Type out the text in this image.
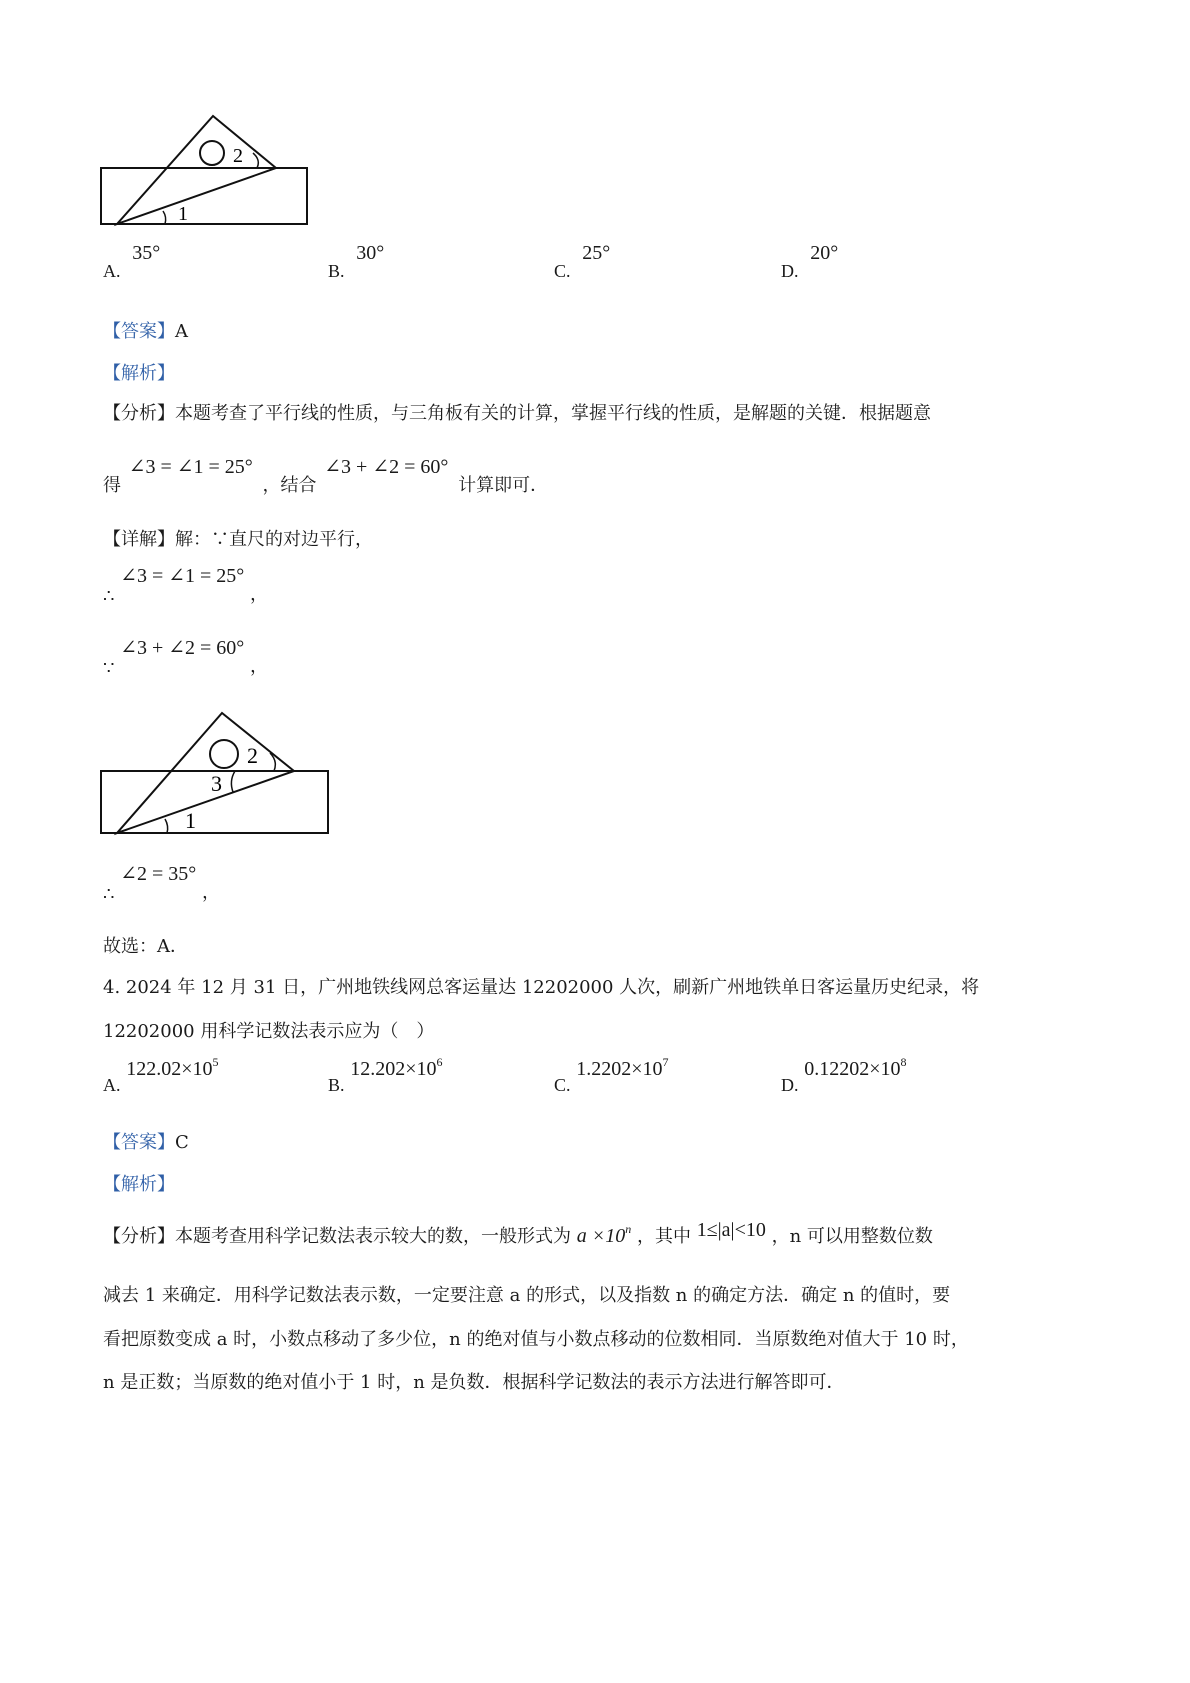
1
2
A. 35°
B. 30°
C. 25°
D. 20°
【答案】A
【解析】
【分析】本题考查了平行线的性质，与三角板有关的计算，掌握平行线的性质，是解题的关键．根据题意
得 ∠3 = ∠1 = 25° ，结合 ∠3 + ∠2 = 60° 计算即可．
【详解】解：∵直尺的对边平行，
∴ ∠3 = ∠1 = 25° ，
∵ ∠3 + ∠2 = 60° ，
1
2
3
∴ ∠2 = 35° ，
故选：A．
4. 2024 年 12 月 31 日，广州地铁线网总客运量达 12202000 人次，刷新广州地铁单日客运量历史纪录，将
12202000 用科学记数法表示应为（　）
A. $122.02\times 10^5$
B. $12.202\times 10^6$
C. $1.2202\times 10^7$
D. $0.12202\times 10^8$
【答案】C
【解析】
【分析】本题考查用科学记数法表示较大的数，一般形式为 $a \times 10^n$ ，其中 1≤|a|<10 ，n 可以用整数位数
减去 1 来确定．用科学记数法表示数，一定要注意 a 的形式，以及指数 n 的确定方法．确定 n 的值时，要
看把原数变成 a 时，小数点移动了多少位，n 的绝对值与小数点移动的位数相同．当原数绝对值大于 10 时，
n 是正数；当原数的绝对值小于 1 时，n 是负数．根据科学记数法的表示方法进行解答即可．
